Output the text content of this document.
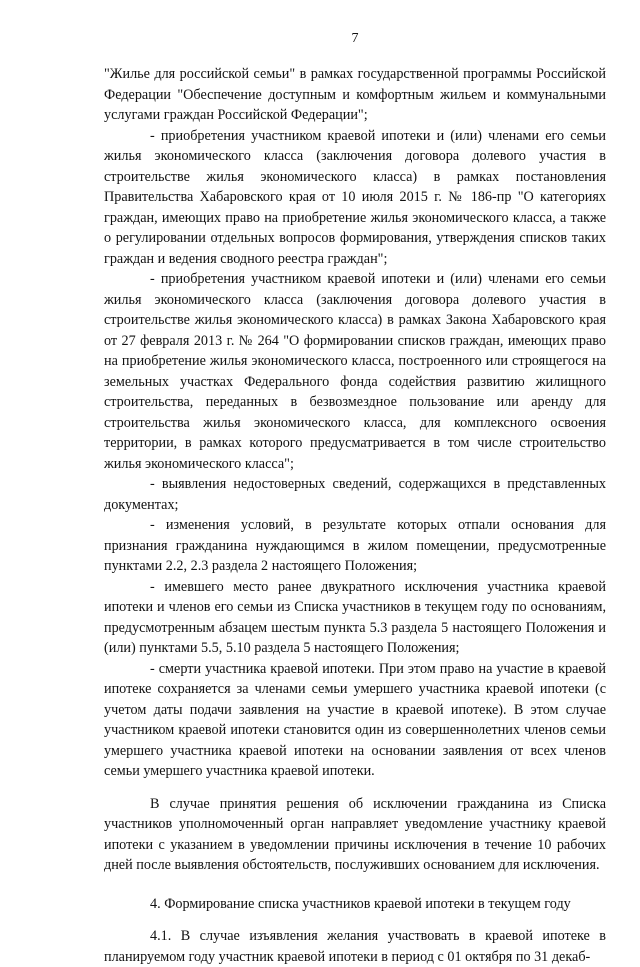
7

"Жилье для российской семьи" в рамках государственной программы Российской Федерации "Обеспечение доступным и комфортным жильем и коммунальными услугами граждан Российской Федерации";

- приобретения участником краевой ипотеки и (или) членами его семьи жилья экономического класса (заключения договора долевого участия в строительстве жилья экономического класса) в рамках постановления Правительства Хабаровского края от 10 июля 2015 г. № 186-пр "О категориях граждан, имеющих право на приобретение жилья экономического класса, а также о регулировании отдельных вопросов формирования, утверждения списков таких граждан и ведения сводного реестра граждан";

- приобретения участником краевой ипотеки и (или) членами его семьи жилья экономического класса (заключения договора долевого участия в строительстве жилья экономического класса) в рамках Закона Хабаровского края от 27 февраля 2013 г. № 264 "О формировании списков граждан, имеющих право на приобретение жилья экономического класса, построенного или строящегося на земельных участках Федерального фонда содействия развитию жилищного строительства, переданных в безвозмездное пользование или аренду для строительства жилья экономического класса, для комплексного освоения территории, в рамках которого предусматривается в том числе строительство жилья экономического класса";

- выявления недостоверных сведений, содержащихся в представленных документах;

- изменения условий, в результате которых отпали основания для признания гражданина нуждающимся в жилом помещении, предусмотренные пунктами 2.2, 2.3 раздела 2 настоящего Положения;

- имевшего место ранее двукратного исключения участника краевой ипотеки и членов его семьи из Списка участников в текущем году по основаниям, предусмотренным абзацем шестым пункта 5.3 раздела 5 настоящего Положения и (или) пунктами 5.5, 5.10 раздела 5 настоящего Положения;

- смерти участника краевой ипотеки. При этом право на участие в краевой ипотеке сохраняется за членами семьи умершего участника краевой ипотеки (с учетом даты подачи заявления на участие в краевой ипотеке). В этом случае участником краевой ипотеки становится один из совершеннолетних членов семьи умершего участника краевой ипотеки на основании заявления от всех членов семьи умершего участника краевой ипотеки.

В случае принятия решения об исключении гражданина из Списка участников уполномоченный орган направляет уведомление участнику краевой ипотеки с указанием в уведомлении причины исключения в течение 10 рабочих дней после выявления обстоятельств, послуживших основанием для исключения.

4. Формирование списка участников краевой ипотеки в текущем году

4.1. В случае изъявления желания участвовать в краевой ипотеке в планируемом году участник краевой ипотеки в период с 01 октября по 31 декаб-
